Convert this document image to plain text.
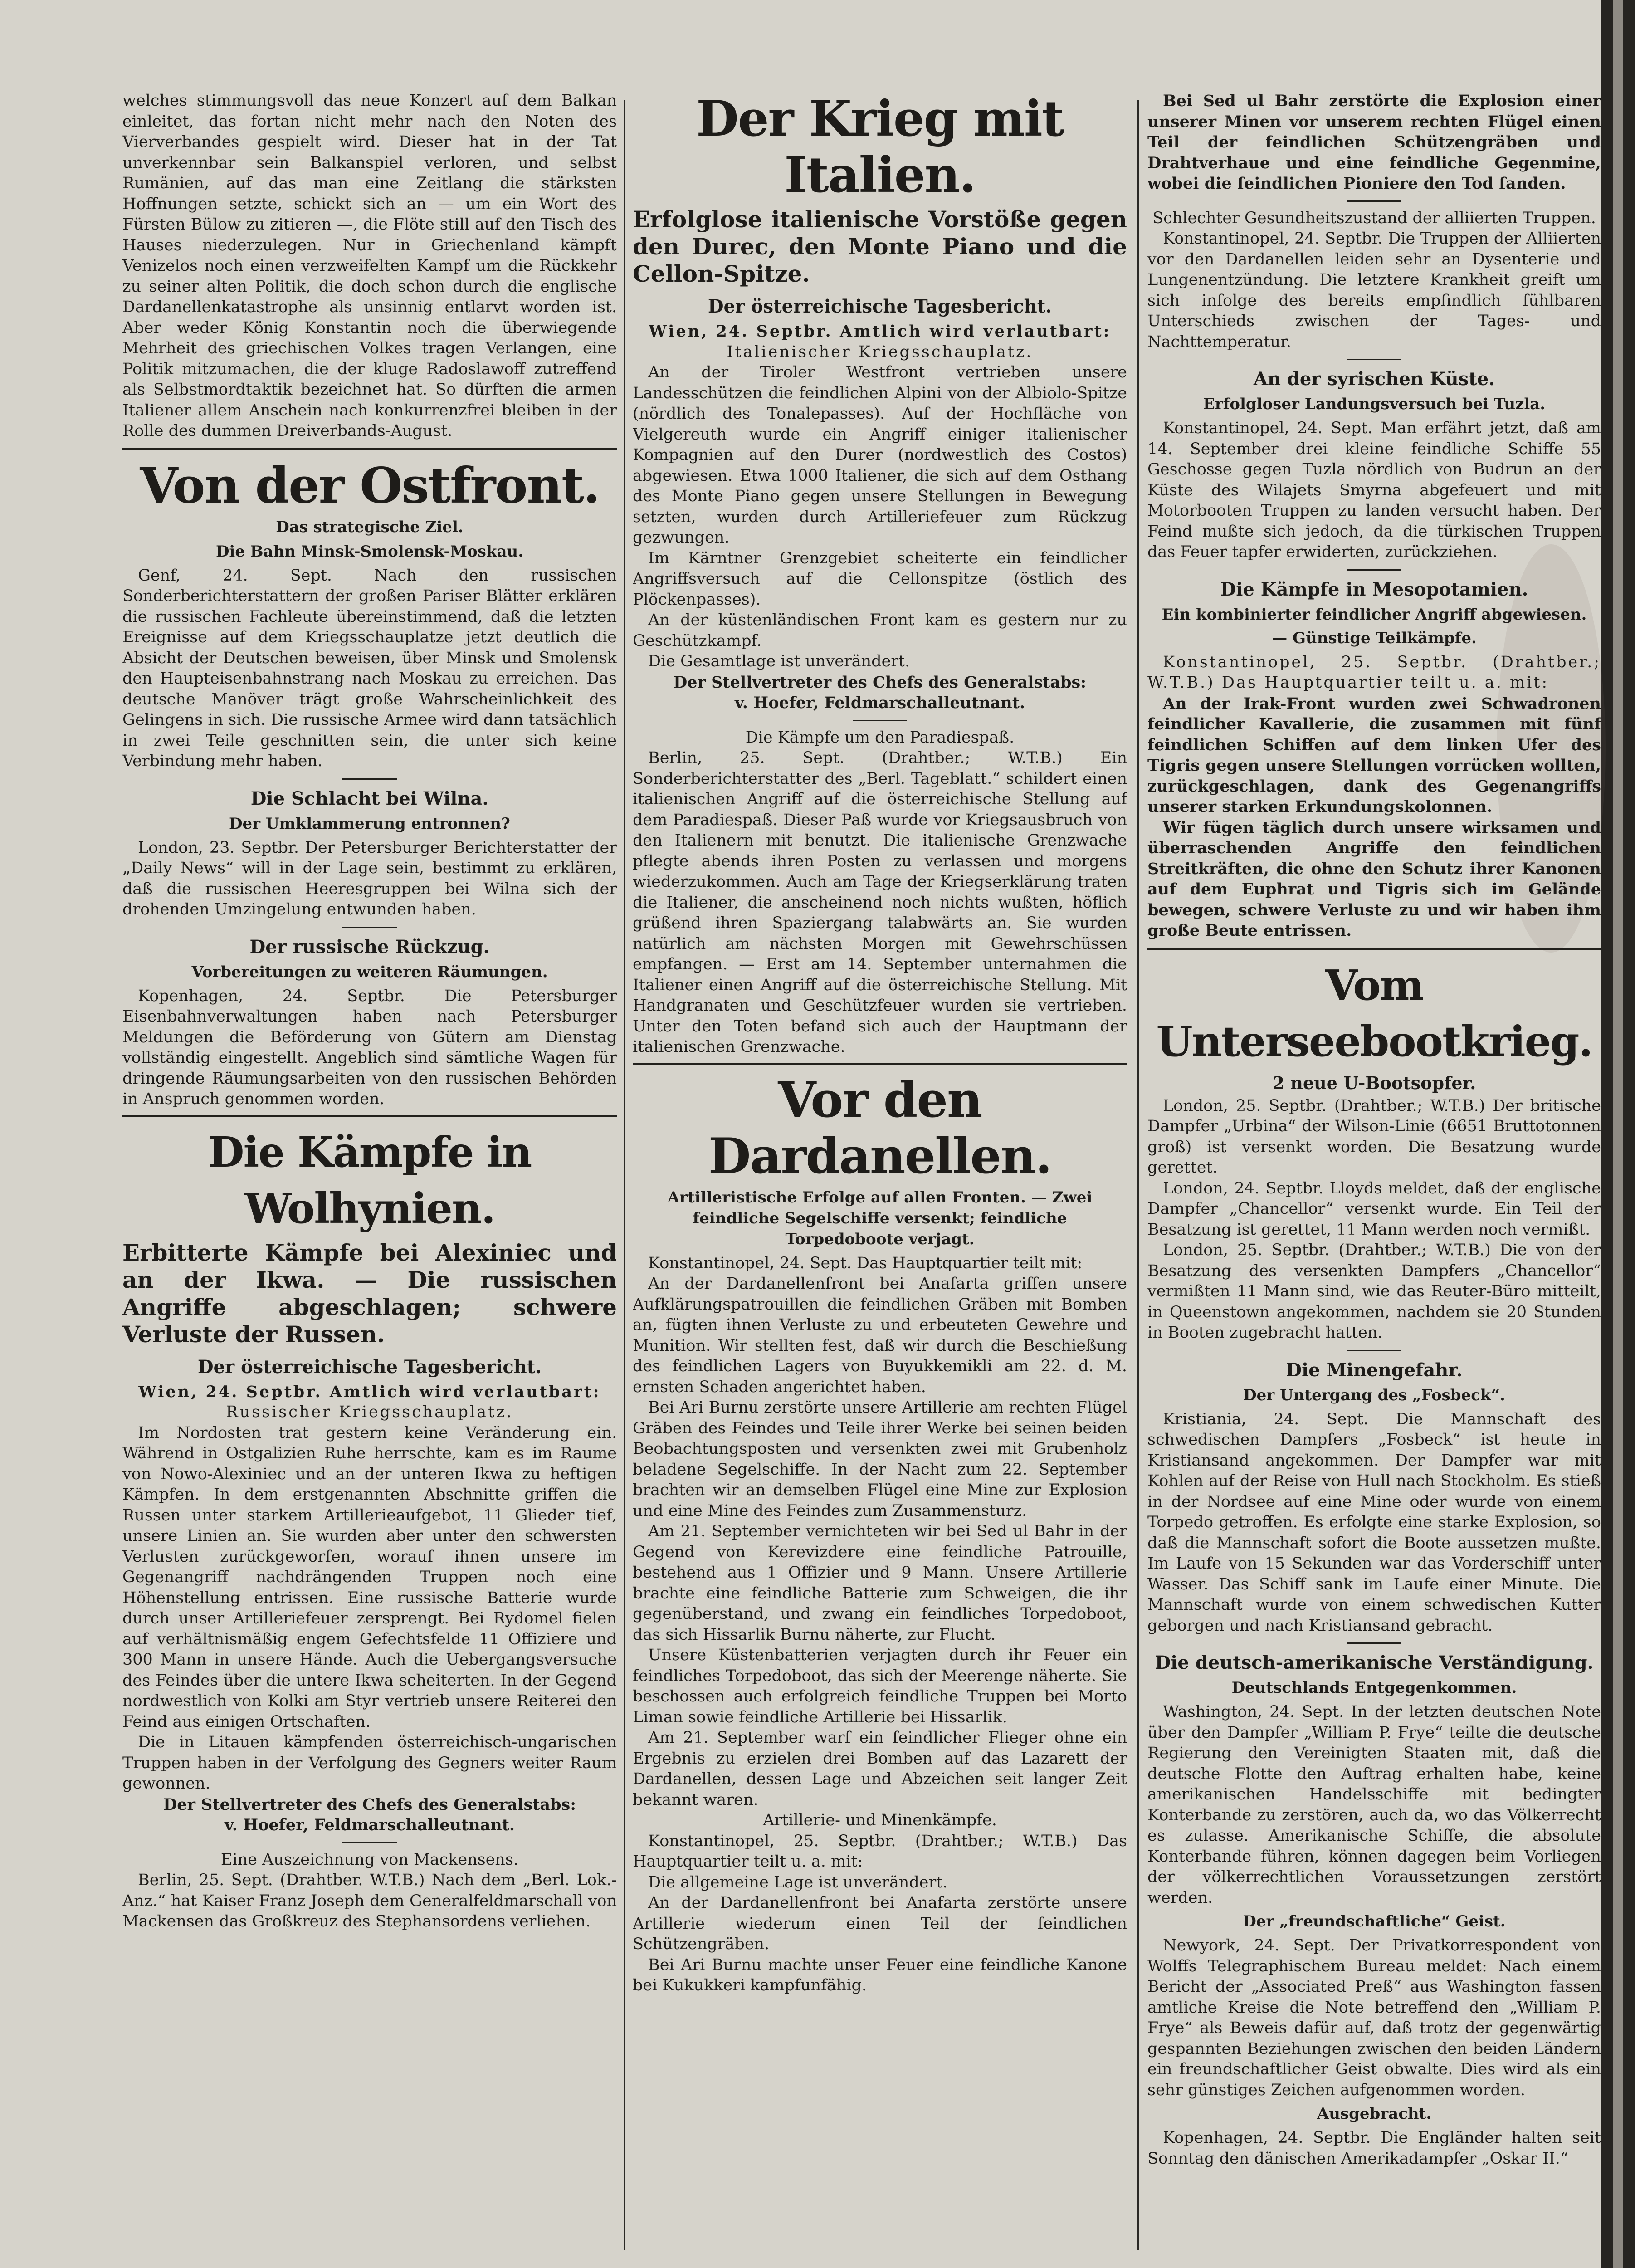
welches stimmungsvoll das neue Konzert auf dem Balkan einleitet, das fortan nicht mehr nach den Noten des Vierverbandes gespielt wird. Dieser hat in der Tat unverkennbar sein Balkanspiel verloren, und selbst Rumänien, auf das man eine Zeitlang die stärksten Hoffnungen setzte, schickt sich an — um ein Wort des Fürsten Bülow zu zitieren —, die Flöte still auf den Tisch des Hauses niederzulegen. Nur in Griechenland kämpft Venizelos noch einen verzweifelten Kampf um die Rückkehr zu seiner alten Politik, die doch schon durch die englische Dardanellenkatastrophe als unsinnig entlarvt worden ist. Aber weder König Konstantin noch die überwiegende Mehrheit des griechischen Volkes tragen Verlangen, eine Politik mitzumachen, die der kluge Radoslawoff zutreffend als Selbstmordtaktik bezeichnet hat. So dürften die armen Italiener allem Anschein nach konkurrenzfrei bleiben in der Rolle des dummen Dreiverbands-August.

Von der Ostfront.
Das strategische Ziel.
Die Bahn Minsk-Smolensk-Moskau.

Genf, 24. Sept. Nach den russischen Sonderberichterstattern der großen Pariser Blätter erklären die russischen Fachleute übereinstimmend, daß die letzten Ereignisse auf dem Kriegsschauplatze jetzt deutlich die Absicht der Deutschen beweisen, über Minsk und Smolensk den Haupteisenbahnstrang nach Moskau zu erreichen. Das deutsche Manöver trägt große Wahrscheinlichkeit des Gelingens in sich. Die russische Armee wird dann tatsächlich in zwei Teile geschnitten sein, die unter sich keine Verbindung mehr haben.

Die Schlacht bei Wilna.
Der Umklammerung entronnen?

London, 23. Septbr. Der Petersburger Berichterstatter der „Daily News“ will in der Lage sein, bestimmt zu erklären, daß die russischen Heeresgruppen bei Wilna sich der drohenden Umzingelung entwunden haben.

Der russische Rückzug.
Vorbereitungen zu weiteren Räumungen.

Kopenhagen, 24. Septbr. Die Petersburger Eisenbahnverwaltungen haben nach Petersburger Meldungen die Beförderung von Gütern am Dienstag vollständig eingestellt. Angeblich sind sämtliche Wagen für dringende Räumungsarbeiten von den russischen Behörden in Anspruch genommen worden.

Die Kämpfe in Wolhynien.
Erbitterte Kämpfe bei Alexiniec und an der Ikwa. — Die russischen Angriffe abgeschlagen; schwere Verluste der Russen.
Der österreichische Tagesbericht.

Wien, 24. Septbr. Amtlich wird verlautbart:

Russischer Kriegsschauplatz.

Im Nordosten trat gestern keine Veränderung ein. Während in Ostgalizien Ruhe herrschte, kam es im Raume von Nowo-Alexiniec und an der unteren Ikwa zu heftigen Kämpfen. In dem erstgenannten Abschnitte griffen die Russen unter starkem Artillerieaufgebot, 11 Glieder tief, unsere Linien an. Sie wurden aber unter den schwersten Verlusten zurückgeworfen, worauf ihnen unsere im Gegenangriff nachdrängenden Truppen noch eine Höhenstellung entrissen. Eine russische Batterie wurde durch unser Artilleriefeuer zersprengt. Bei Rydomel fielen auf verhältnismäßig engem Gefechtsfelde 11 Offiziere und 300 Mann in unsere Hände. Auch die Uebergangsversuche des Feindes über die untere Ikwa scheiterten. In der Gegend nordwestlich von Kolki am Styr vertrieb unsere Reiterei den Feind aus einigen Ortschaften.

Die in Litauen kämpfenden österreichisch-ungarischen Truppen haben in der Verfolgung des Gegners weiter Raum gewonnen.

Der Stellvertreter des Chefs des Generalstabs:

v. Hoefer, Feldmarschalleutnant.

Eine Auszeichnung von Mackensens.

Berlin, 25. Sept. (Drahtber. W.T.B.) Nach dem „Berl. Lok.-Anz.“ hat Kaiser Franz Joseph dem Generalfeldmarschall von Mackensen das Großkreuz des Stephansordens verliehen.

Der Krieg mit Italien.
Erfolglose italienische Vorstöße gegen den Durec, den Monte Piano und die Cellon-Spitze.
Der österreichische Tagesbericht.

Wien, 24. Septbr. Amtlich wird verlautbart:

Italienischer Kriegsschauplatz.

An der Tiroler Westfront vertrieben unsere Landesschützen die feindlichen Alpini von der Albiolo-Spitze (nördlich des Tonalepasses). Auf der Hochfläche von Vielgereuth wurde ein Angriff einiger italienischer Kompagnien auf den Durer (nordwestlich des Costos) abgewiesen. Etwa 1000 Italiener, die sich auf dem Osthang des Monte Piano gegen unsere Stellungen in Bewegung setzten, wurden durch Artilleriefeuer zum Rückzug gezwungen.

Im Kärntner Grenzgebiet scheiterte ein feindlicher Angriffsversuch auf die Cellonspitze (östlich des Plöckenpasses).

An der küstenländischen Front kam es gestern nur zu Geschützkampf.

Die Gesamtlage ist unverändert.

Der Stellvertreter des Chefs des Generalstabs:

v. Hoefer, Feldmarschalleutnant.

Die Kämpfe um den Paradiespaß.

Berlin, 25. Sept. (Drahtber.; W.T.B.) Ein Sonderberichterstatter des „Berl. Tageblatt.“ schildert einen italienischen Angriff auf die österreichische Stellung auf dem Paradiespaß. Dieser Paß wurde vor Kriegsausbruch von den Italienern mit benutzt. Die italienische Grenzwache pflegte abends ihren Posten zu verlassen und morgens wiederzukommen. Auch am Tage der Kriegserklärung traten die Italiener, die anscheinend noch nichts wußten, höflich grüßend ihren Spaziergang talabwärts an. Sie wurden natürlich am nächsten Morgen mit Gewehrschüssen empfangen. — Erst am 14. September unternahmen die Italiener einen Angriff auf die österreichische Stellung. Mit Handgranaten und Geschützfeuer wurden sie vertrieben. Unter den Toten befand sich auch der Hauptmann der italienischen Grenzwache.

Vor den Dardanellen.
Artilleristische Erfolge auf allen Fronten. — Zwei feindliche Segelschiffe versenkt; feindliche Torpedoboote verjagt.

Konstantinopel, 24. Sept. Das Hauptquartier teilt mit:

An der Dardanellenfront bei Anafarta griffen unsere Aufklärungspatrouillen die feindlichen Gräben mit Bomben an, fügten ihnen Verluste zu und erbeuteten Gewehre und Munition. Wir stellten fest, daß wir durch die Beschießung des feindlichen Lagers von Buyukkemikli am 22. d. M. ernsten Schaden angerichtet haben.

Bei Ari Burnu zerstörte unsere Artillerie am rechten Flügel Gräben des Feindes und Teile ihrer Werke bei seinen beiden Beobachtungsposten und versenkten zwei mit Grubenholz beladene Segelschiffe. In der Nacht zum 22. September brachten wir an demselben Flügel eine Mine zur Explosion und eine Mine des Feindes zum Zusammensturz.

Am 21. September vernichteten wir bei Sed ul Bahr in der Gegend von Kerevizdere eine feindliche Patrouille, bestehend aus 1 Offizier und 9 Mann. Unsere Artillerie brachte eine feindliche Batterie zum Schweigen, die ihr gegenüberstand, und zwang ein feindliches Torpedoboot, das sich Hissarlik Burnu näherte, zur Flucht.

Unsere Küstenbatterien verjagten durch ihr Feuer ein feindliches Torpedoboot, das sich der Meerenge näherte. Sie beschossen auch erfolgreich feindliche Truppen bei Morto Liman sowie feindliche Artillerie bei Hissarlik.

Am 21. September warf ein feindlicher Flieger ohne ein Ergebnis zu erzielen drei Bomben auf das Lazarett der Dardanellen, dessen Lage und Abzeichen seit langer Zeit bekannt waren.

Artillerie- und Minenkämpfe.

Konstantinopel, 25. Septbr. (Drahtber.; W.T.B.) Das Hauptquartier teilt u. a. mit:

Die allgemeine Lage ist unverändert.

An der Dardanellenfront bei Anafarta zerstörte unsere Artillerie wiederum einen Teil der feindlichen Schützengräben.

Bei Ari Burnu machte unser Feuer eine feindliche Kanone bei Kukukkeri kampfunfähig.

Bei Sed ul Bahr zerstörte die Explosion einer unserer Minen vor unserem rechten Flügel einen Teil der feindlichen Schützengräben und Drahtverhaue und eine feindliche Gegenmine, wobei die feindlichen Pioniere den Tod fanden.

Schlechter Gesundheitszustand der alliierten Truppen.

Konstantinopel, 24. Septbr. Die Truppen der Alliierten vor den Dardanellen leiden sehr an Dysenterie und Lungenentzündung. Die letztere Krankheit greift um sich infolge des bereits empfindlich fühlbaren Unterschieds zwischen der Tages- und Nachttemperatur.

An der syrischen Küste.
Erfolgloser Landungsversuch bei Tuzla.

Konstantinopel, 24. Sept. Man erfährt jetzt, daß am 14. September drei kleine feindliche Schiffe 55 Geschosse gegen Tuzla nördlich von Budrun an der Küste des Wilajets Smyrna abgefeuert und mit Motorbooten Truppen zu landen versucht haben. Der Feind mußte sich jedoch, da die türkischen Truppen das Feuer tapfer erwiderten, zurückziehen.

Die Kämpfe in Mesopotamien.
Ein kombinierter feindlicher Angriff abgewiesen.
— Günstige Teilkämpfe.

Konstantinopel, 25. Septbr. (Drahtber.; W.T.B.) Das Hauptquartier teilt u. a. mit:

An der Irak-Front wurden zwei Schwadronen feindlicher Kavallerie, die zusammen mit fünf feindlichen Schiffen auf dem linken Ufer des Tigris gegen unsere Stellungen vorrücken wollten, zurückgeschlagen, dank des Gegenangriffs unserer starken Erkundungskolonnen.

Wir fügen täglich durch unsere wirksamen und überraschenden Angriffe den feindlichen Streitkräften, die ohne den Schutz ihrer Kanonen auf dem Euphrat und Tigris sich im Gelände bewegen, schwere Verluste zu und wir haben ihm große Beute entrissen.

Vom Unterseebootkrieg.
2 neue U-Bootsopfer.

London, 25. Septbr. (Drahtber.; W.T.B.) Der britische Dampfer „Urbina“ der Wilson-Linie (6651 Bruttotonnen groß) ist versenkt worden. Die Besatzung wurde gerettet.

London, 24. Septbr. Lloyds meldet, daß der englische Dampfer „Chancellor“ versenkt wurde. Ein Teil der Besatzung ist gerettet, 11 Mann werden noch vermißt.

London, 25. Septbr. (Drahtber.; W.T.B.) Die von der Besatzung des versenkten Dampfers „Chancellor“ vermißten 11 Mann sind, wie das Reuter-Büro mitteilt, in Queenstown angekommen, nachdem sie 20 Stunden in Booten zugebracht hatten.

Die Minengefahr.
Der Untergang des „Fosbeck“.

Kristiania, 24. Sept. Die Mannschaft des schwedischen Dampfers „Fosbeck“ ist heute in Kristiansand angekommen. Der Dampfer war mit Kohlen auf der Reise von Hull nach Stockholm. Es stieß in der Nordsee auf eine Mine oder wurde von einem Torpedo getroffen. Es erfolgte eine starke Explosion, so daß die Mannschaft sofort die Boote aussetzen mußte. Im Laufe von 15 Sekunden war das Vorderschiff unter Wasser. Das Schiff sank im Laufe einer Minute. Die Mannschaft wurde von einem schwedischen Kutter geborgen und nach Kristiansand gebracht.

Die deutsch-amerikanische Verständigung.
Deutschlands Entgegenkommen.

Washington, 24. Sept. In der letzten deutschen Note über den Dampfer „William P. Frye“ teilte die deutsche Regierung den Vereinigten Staaten mit, daß die deutsche Flotte den Auftrag erhalten habe, keine amerikanischen Handelsschiffe mit bedingter Konterbande zu zerstören, auch da, wo das Völkerrecht es zulasse. Amerikanische Schiffe, die absolute Konterbande führen, können dagegen beim Vorliegen der völkerrechtlichen Voraussetzungen zerstört werden.

Der „freundschaftliche“ Geist.

Newyork, 24. Sept. Der Privatkorrespondent von Wolffs Telegraphischem Bureau meldet: Nach einem Bericht der „Associated Preß“ aus Washington fassen amtliche Kreise die Note betreffend den „William P. Frye“ als Beweis dafür auf, daß trotz der gegenwärtig gespannten Beziehungen zwischen den beiden Ländern ein freundschaftlicher Geist obwalte. Dies wird als ein sehr günstiges Zeichen aufgenommen worden.

Ausgebracht.

Kopenhagen, 24. Septbr. Die Engländer halten seit Sonntag den dänischen Amerikadampfer „Oskar II.“
